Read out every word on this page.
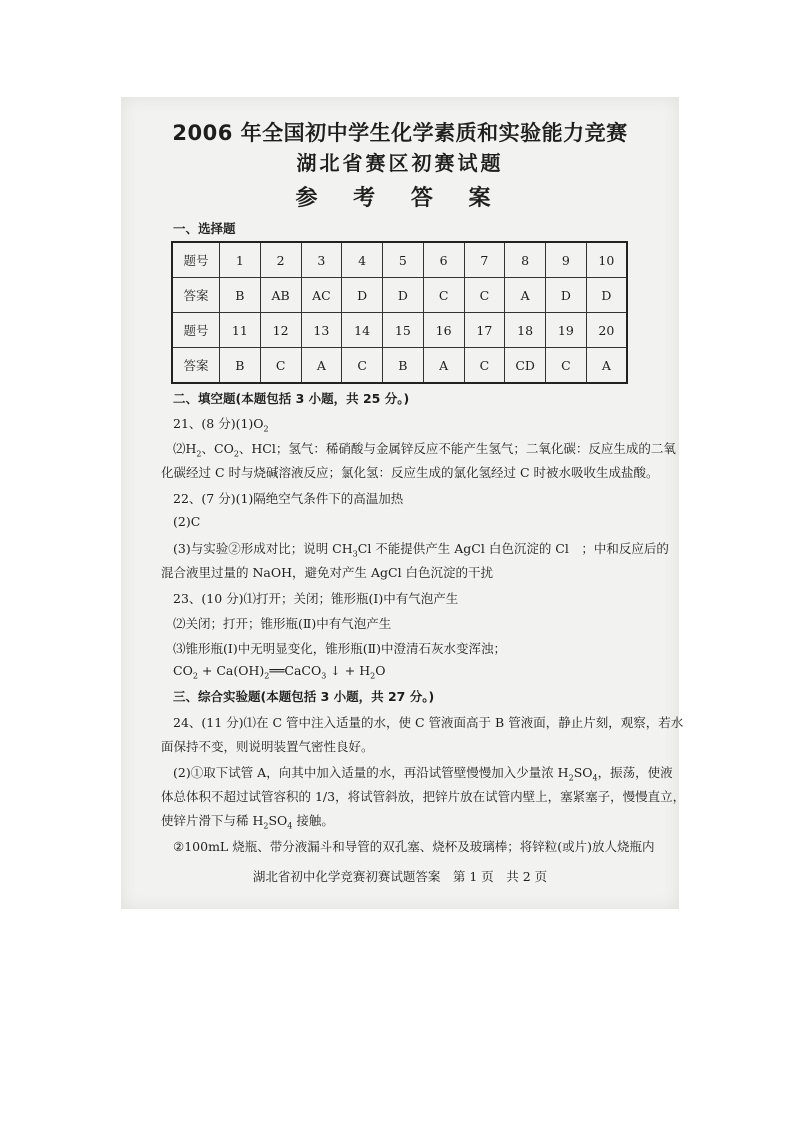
2006 年全国初中学生化学素质和实验能力竞赛
湖北省赛区初赛试题
参 考 答 案
一、选择题
题号	1	2	3	4	5	6	7	8	9	10
答案	B	AB	AC	D	D	C	C	A	D	D
题号	11	12	13	14	15	16	17	18	19	20
答案	B	C	A	C	B	A	C	CD	C	A
二、填空题(本题包括 3 小题，共 25 分。)
21、(8 分)$(1)O_2$
$⑵H_2$、$CO_2$、HCl；氢气：稀硝酸与金属锌反应不能产生氢气；二氧化碳：反应生成的二氧
化碳经过 C 时与烧碱溶液反应；氯化氢：反应生成的氯化氢经过 C 时被水吸收生成盐酸。
22、(7 分)(1)隔绝空气条件下的高温加热
(2)C
(3)与实验②形成对比；说明 $CH_3Cl$ 不能提供产生 AgCl 白色沉淀的 Cl　；中和反应后的
混合液里过量的 NaOH，避免对产生 AgCl 白色沉淀的干扰
23、(10 分)⑴打开；关闭；锥形瓶(Ⅰ)中有气泡产生
⑵关闭；打开；锥形瓶(Ⅱ)中有气泡产生
⑶锥形瓶(Ⅰ)中无明显变化，锥形瓶(Ⅱ)中澄清石灰水变浑浊；
$CO_2$ + $Ca(OH)_2══CaCO_3$ ↓ + $H_2O$
三、综合实验题(本题包括 3 小题，共 27 分。)
24、(11 分)⑴在 C 管中注入适量的水，使 C 管液面高于 B 管液面，静止片刻，观察，若水
面保持不变，则说明装置气密性良好。
(2)①取下试管 A，向其中加入适量的水，再沿试管壁慢慢加入少量浓 $H_2SO_4$，振荡，使液
体总体积不超过试管容积的 1/3，将试管斜放，把锌片放在试管内壁上，塞紧塞子，慢慢直立，
使锌片滑下与稀 $H_2SO_4$ 接触。
②100mL 烧瓶、带分液漏斗和导管的双孔塞、烧杯及玻璃棒；将锌粒(或片)放人烧瓶内
湖北省初中化学竞赛初赛试题答案　第 1 页　共 2 页
